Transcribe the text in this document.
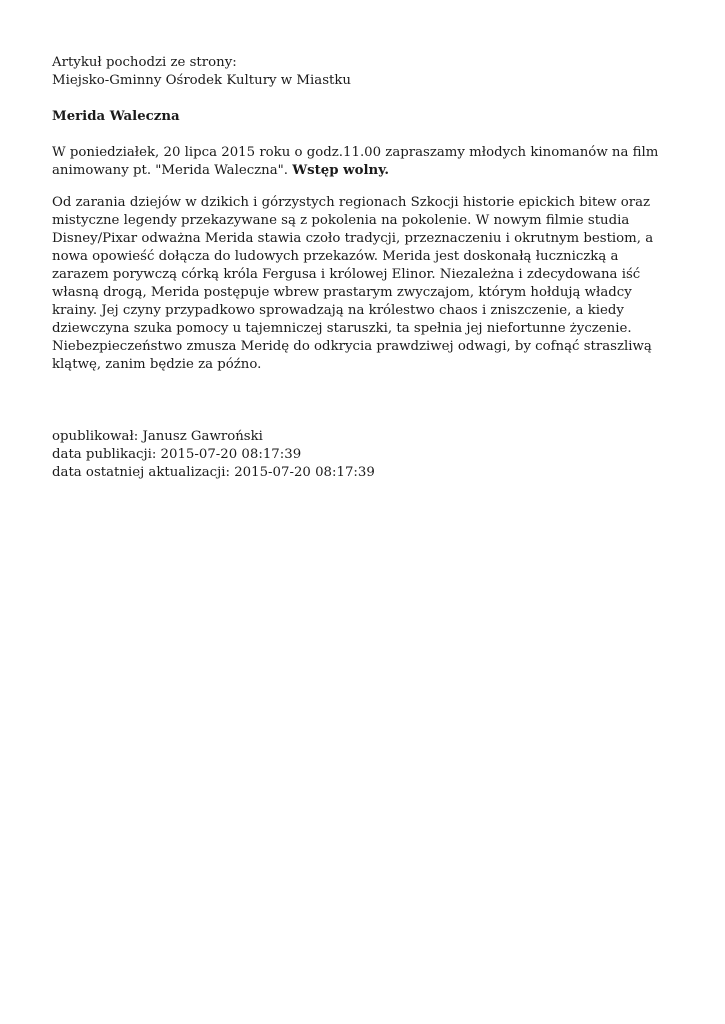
Artykuł pochodzi ze strony:

Miejsko-Gminny Ośrodek Kultury w Miastku

Merida Waleczna

W poniedziałek, 20 lipca 2015 roku o godz.11.00 zapraszamy młodych kinomanów na film animowany pt. "Merida Waleczna". Wstęp wolny.

Od zarania dziejów w dzikich i górzystych regionach Szkocji historie epickich bitew oraz mistyczne legendy przekazywane są z pokolenia na pokolenie. W nowym filmie studia Disney/Pixar odważna Merida stawia czoło tradycji, przeznaczeniu i okrutnym bestiom, a nowa opowieść dołącza do ludowych przekazów. Merida jest doskonałą łuczniczką a zarazem porywczą córką króla Fergusa i królowej Elinor. Niezależna i zdecydowana iść własną drogą, Merida postępuje wbrew prastarym zwyczajom, którym hołdują władcy krainy. Jej czyny przypadkowo sprowadzają na królestwo chaos i zniszczenie, a kiedy dziewczyna szuka pomocy u tajemniczej staruszki, ta spełnia jej niefortunne życzenie. Niebezpieczeństwo zmusza Meridę do odkrycia prawdziwej odwagi, by cofnąć straszliwą klątwę, zanim będzie za późno.

opublikował: Janusz Gawroński

data publikacji: 2015-07-20 08:17:39

data ostatniej aktualizacji: 2015-07-20 08:17:39
